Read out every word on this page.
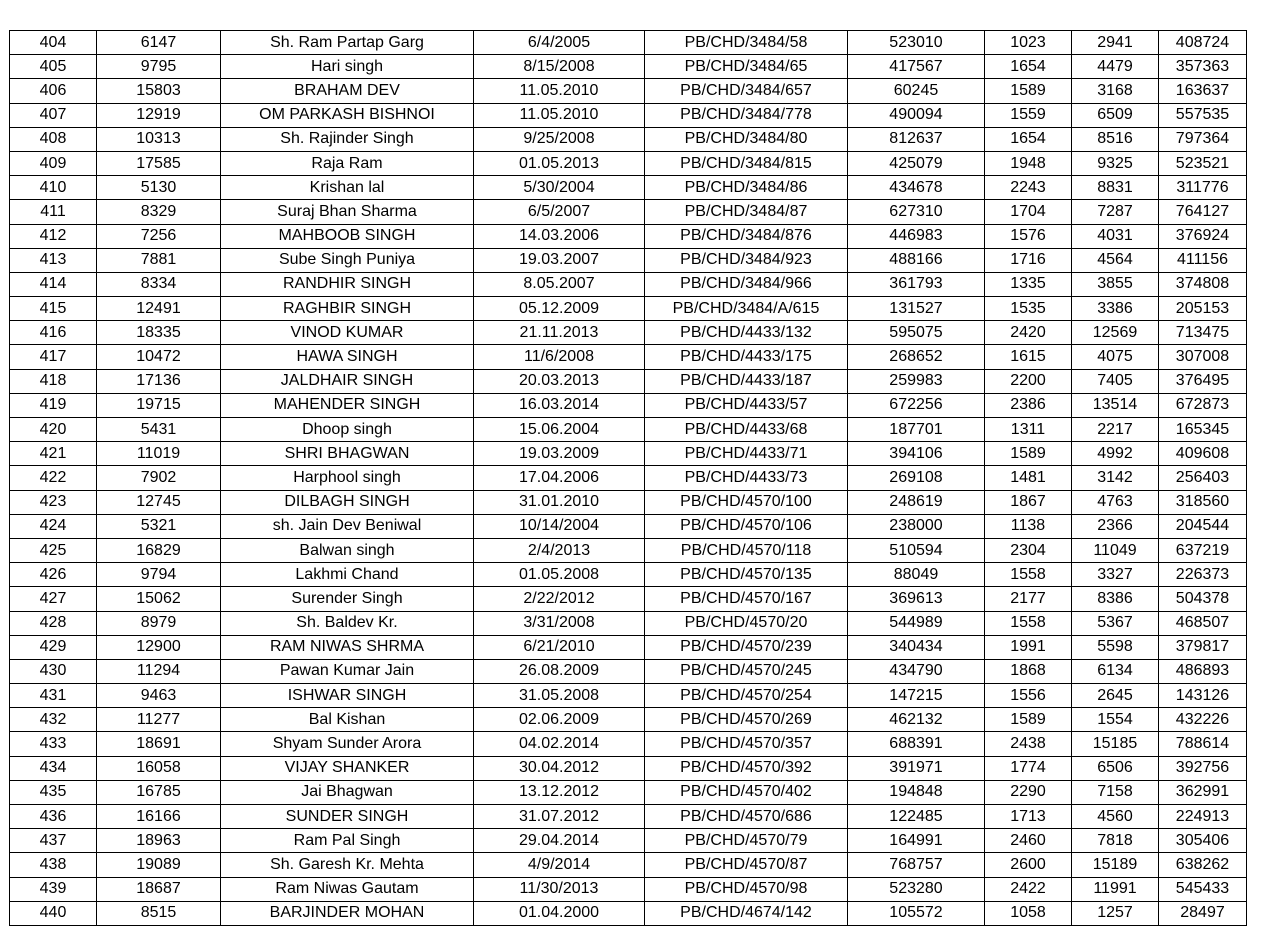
404	6147	Sh. Ram Partap Garg	6/4/2005	PB/CHD/3484/58	523010	1023	2941	408724
405	9795	Hari singh	8/15/2008	PB/CHD/3484/65	417567	1654	4479	357363
406	15803	BRAHAM DEV	11.05.2010	PB/CHD/3484/657	60245	1589	3168	163637
407	12919	OM PARKASH BISHNOI	11.05.2010	PB/CHD/3484/778	490094	1559	6509	557535
408	10313	Sh. Rajinder Singh	9/25/2008	PB/CHD/3484/80	812637	1654	8516	797364
409	17585	Raja Ram	01.05.2013	PB/CHD/3484/815	425079	1948	9325	523521
410	5130	Krishan lal	5/30/2004	PB/CHD/3484/86	434678	2243	8831	311776
411	8329	Suraj Bhan Sharma	6/5/2007	PB/CHD/3484/87	627310	1704	7287	764127
412	7256	MAHBOOB SINGH	14.03.2006	PB/CHD/3484/876	446983	1576	4031	376924
413	7881	Sube Singh Puniya	19.03.2007	PB/CHD/3484/923	488166	1716	4564	411156
414	8334	RANDHIR SINGH	8.05.2007	PB/CHD/3484/966	361793	1335	3855	374808
415	12491	RAGHBIR SINGH	05.12.2009	PB/CHD/3484/A/615	131527	1535	3386	205153
416	18335	VINOD KUMAR	21.11.2013	PB/CHD/4433/132	595075	2420	12569	713475
417	10472	HAWA SINGH	11/6/2008	PB/CHD/4433/175	268652	1615	4075	307008
418	17136	JALDHAIR SINGH	20.03.2013	PB/CHD/4433/187	259983	2200	7405	376495
419	19715	MAHENDER SINGH	16.03.2014	PB/CHD/4433/57	672256	2386	13514	672873
420	5431	Dhoop singh	15.06.2004	PB/CHD/4433/68	187701	1311	2217	165345
421	11019	SHRI BHAGWAN	19.03.2009	PB/CHD/4433/71	394106	1589	4992	409608
422	7902	Harphool singh	17.04.2006	PB/CHD/4433/73	269108	1481	3142	256403
423	12745	DILBAGH SINGH	31.01.2010	PB/CHD/4570/100	248619	1867	4763	318560
424	5321	sh. Jain Dev Beniwal	10/14/2004	PB/CHD/4570/106	238000	1138	2366	204544
425	16829	Balwan singh	2/4/2013	PB/CHD/4570/118	510594	2304	11049	637219
426	9794	Lakhmi Chand	01.05.2008	PB/CHD/4570/135	88049	1558	3327	226373
427	15062	Surender Singh	2/22/2012	PB/CHD/4570/167	369613	2177	8386	504378
428	8979	Sh. Baldev Kr.	3/31/2008	PB/CHD/4570/20	544989	1558	5367	468507
429	12900	RAM NIWAS SHRMA	6/21/2010	PB/CHD/4570/239	340434	1991	5598	379817
430	11294	Pawan Kumar Jain	26.08.2009	PB/CHD/4570/245	434790	1868	6134	486893
431	9463	ISHWAR SINGH	31.05.2008	PB/CHD/4570/254	147215	1556	2645	143126
432	11277	Bal Kishan	02.06.2009	PB/CHD/4570/269	462132	1589	1554	432226
433	18691	Shyam Sunder Arora	04.02.2014	PB/CHD/4570/357	688391	2438	15185	788614
434	16058	VIJAY SHANKER	30.04.2012	PB/CHD/4570/392	391971	1774	6506	392756
435	16785	Jai Bhagwan	13.12.2012	PB/CHD/4570/402	194848	2290	7158	362991
436	16166	SUNDER SINGH	31.07.2012	PB/CHD/4570/686	122485	1713	4560	224913
437	18963	Ram Pal Singh	29.04.2014	PB/CHD/4570/79	164991	2460	7818	305406
438	19089	Sh. Garesh Kr. Mehta	4/9/2014	PB/CHD/4570/87	768757	2600	15189	638262
439	18687	Ram Niwas Gautam	11/30/2013	PB/CHD/4570/98	523280	2422	11991	545433
440	8515	BARJINDER MOHAN	01.04.2000	PB/CHD/4674/142	105572	1058	1257	28497
